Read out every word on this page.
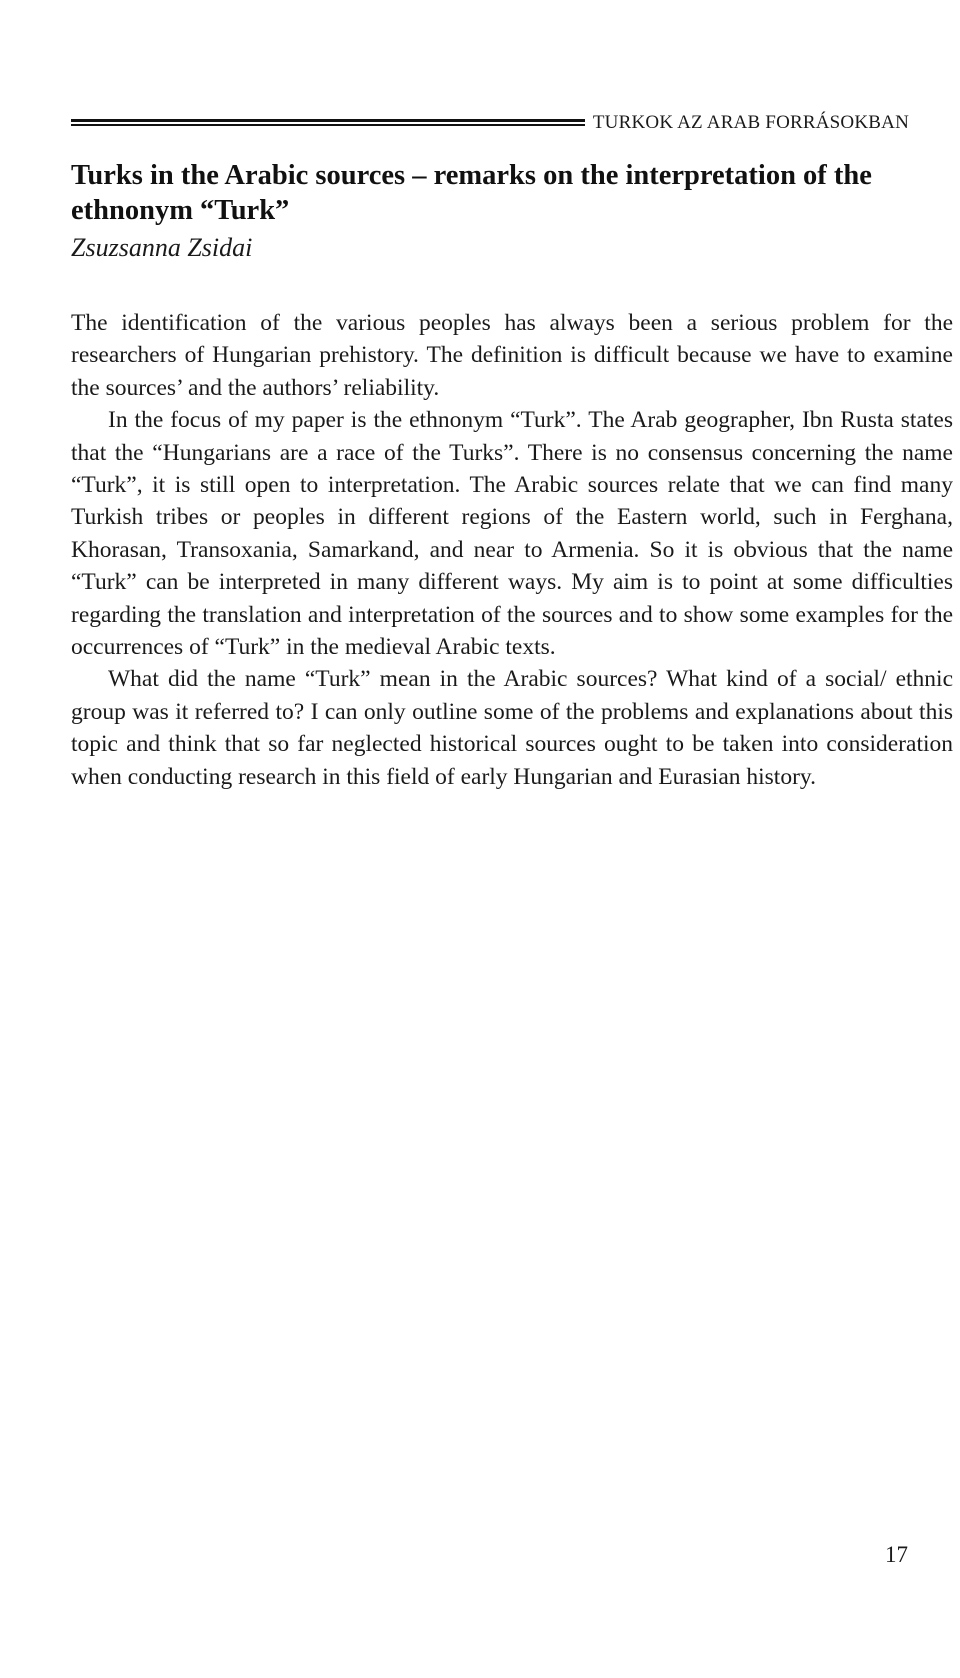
TURKOK AZ ARAB FORRÁSOKBAN
Turks in the Arabic sources – remarks on the interpretation of the ethnonym “Turk”
Zsuzsanna Zsidai

The identification of the various peoples has always been a serious problem for the researchers of Hungarian prehistory. The definition is difficult because we have to examine the sources’ and the authors’ reliability.

In the focus of my paper is the ethnonym “Turk”. The Arab geographer, Ibn Rusta states that the “Hungarians are a race of the Turks”. There is no consensus concerning the name “Turk”, it is still open to interpretation. The Arabic sources relate that we can find many Turkish tribes or peoples in different regions of the Eastern world, such in Ferghana, Khorasan, Transoxania, Samarkand, and near to Armenia. So it is obvious that the name “Turk” can be interpreted in many different ways. My aim is to point at some difficulties regarding the translation and interpretation of the sources and to show some examples for the occurrences of “Turk” in the medieval Arabic texts.

What did the name “Turk” mean in the Arabic sources? What kind of a social/ ethnic group was it referred to? I can only outline some of the problems and explanations about this topic and think that so far neglected historical sources ought to be taken into consideration when conducting research in this field of early Hungarian and Eurasian history.

17
